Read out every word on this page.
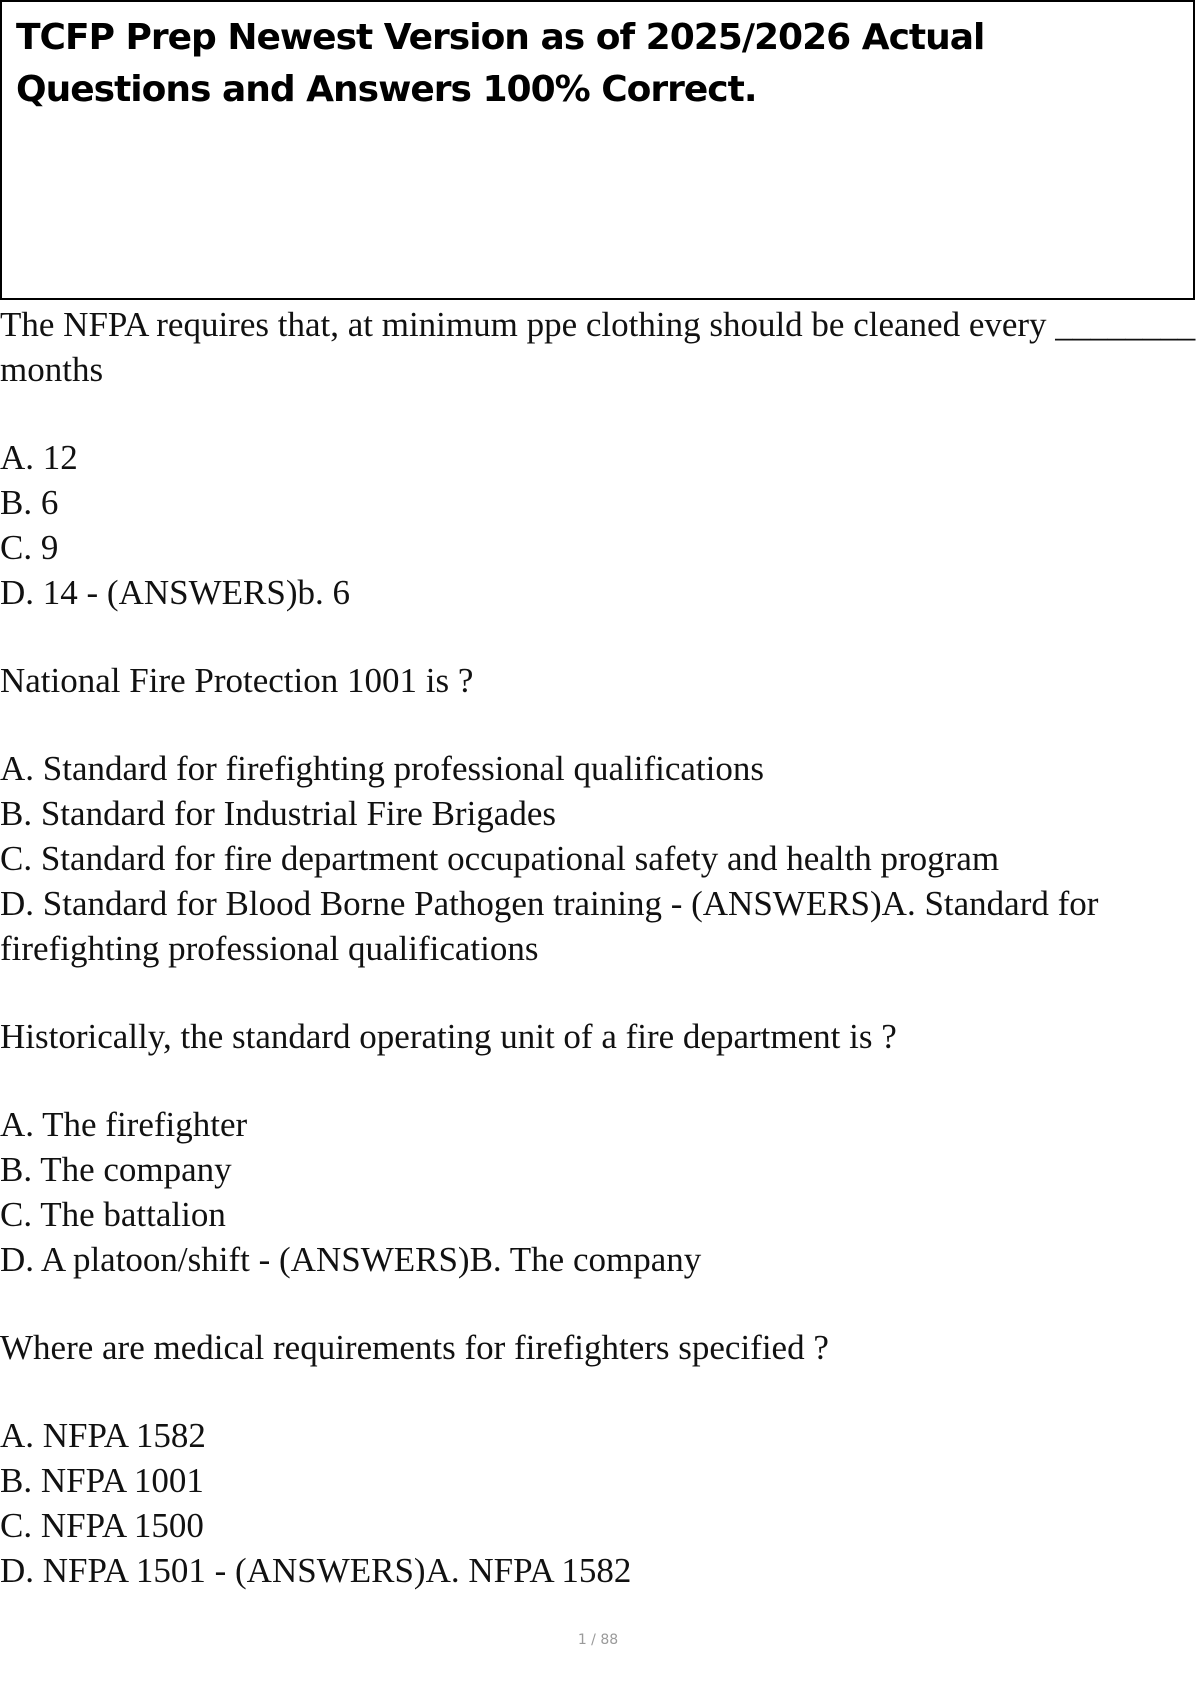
TCFP Prep Newest Version as of 2025/2026 Actual Questions and Answers 100% Correct.

The NFPA requires that, at minimum ppe clothing should be cleaned every ________ months

A. 12

B. 6

C. 9

D. 14 - (ANSWERS)b. 6

National Fire Protection 1001 is ?

A. Standard for firefighting professional qualifications

B. Standard for Industrial Fire Brigades

C. Standard for fire department occupational safety and health program

D. Standard for Blood Borne Pathogen training - (ANSWERS)A. Standard for firefighting professional qualifications

Historically, the standard operating unit of a fire department is ?

A. The firefighter

B. The company

C. The battalion

D. A platoon/shift - (ANSWERS)B. The company

Where are medical requirements for firefighters specified ?

A. NFPA 1582

B. NFPA 1001

C. NFPA 1500

D. NFPA 1501 - (ANSWERS)A. NFPA 1582

1 / 88
